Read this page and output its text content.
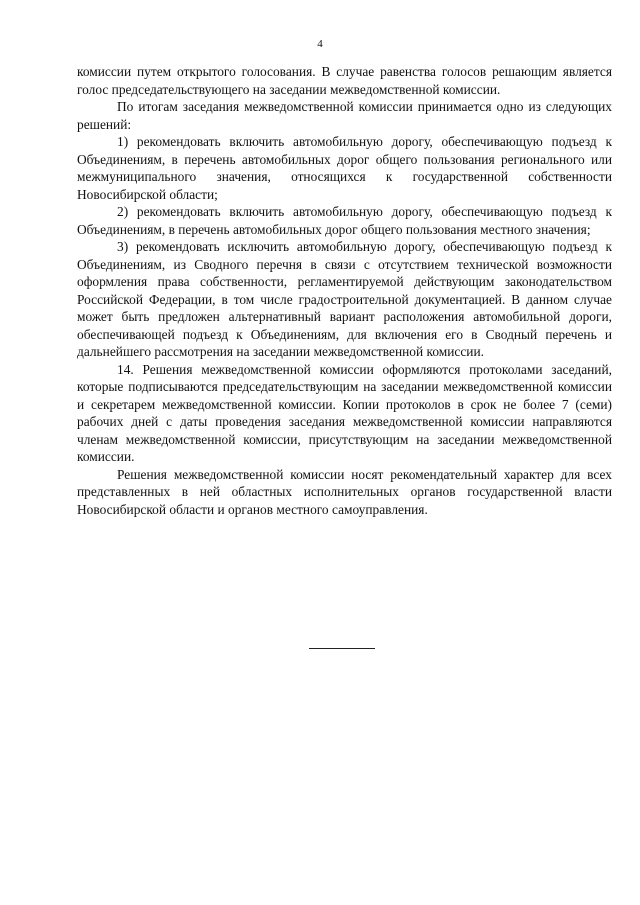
4

комиссии путем открытого голосования. В случае равенства голосов решающим является голос председательствующего на заседании межведомственной комиссии.

По итогам заседания межведомственной комиссии принимается одно из следующих решений:

1) рекомендовать включить автомобильную дорогу, обеспечивающую подъезд к Объединениям, в перечень автомобильных дорог общего пользования регионального или межмуниципального значения, относящихся к государственной собственности Новосибирской области;

2) рекомендовать включить автомобильную дорогу, обеспечивающую подъезд к Объединениям, в перечень автомобильных дорог общего пользования местного значения;

3) рекомендовать исключить автомобильную дорогу, обеспечивающую подъезд к Объединениям, из Сводного перечня в связи с отсутствием технической возможности оформления права собственности, регламентируемой действующим законодательством Российской Федерации, в том числе градостроительной документацией. В данном случае может быть предложен альтернативный вариант расположения автомобильной дороги, обеспечивающей подъезд к Объединениям, для включения его в Сводный перечень и дальнейшего рассмотрения на заседании межведомственной комиссии.

14. Решения межведомственной комиссии оформляются протоколами заседаний, которые подписываются председательствующим на заседании межведомственной комиссии и секретарем межведомственной комиссии. Копии протоколов в срок не более 7 (семи) рабочих дней с даты проведения заседания межведомственной комиссии направляются членам межведомственной комиссии, присутствующим на заседании межведомственной комиссии.

Решения межведомственной комиссии носят рекомендательный характер для всех представленных в ней областных исполнительных органов государственной власти Новосибирской области и органов местного самоуправления.
